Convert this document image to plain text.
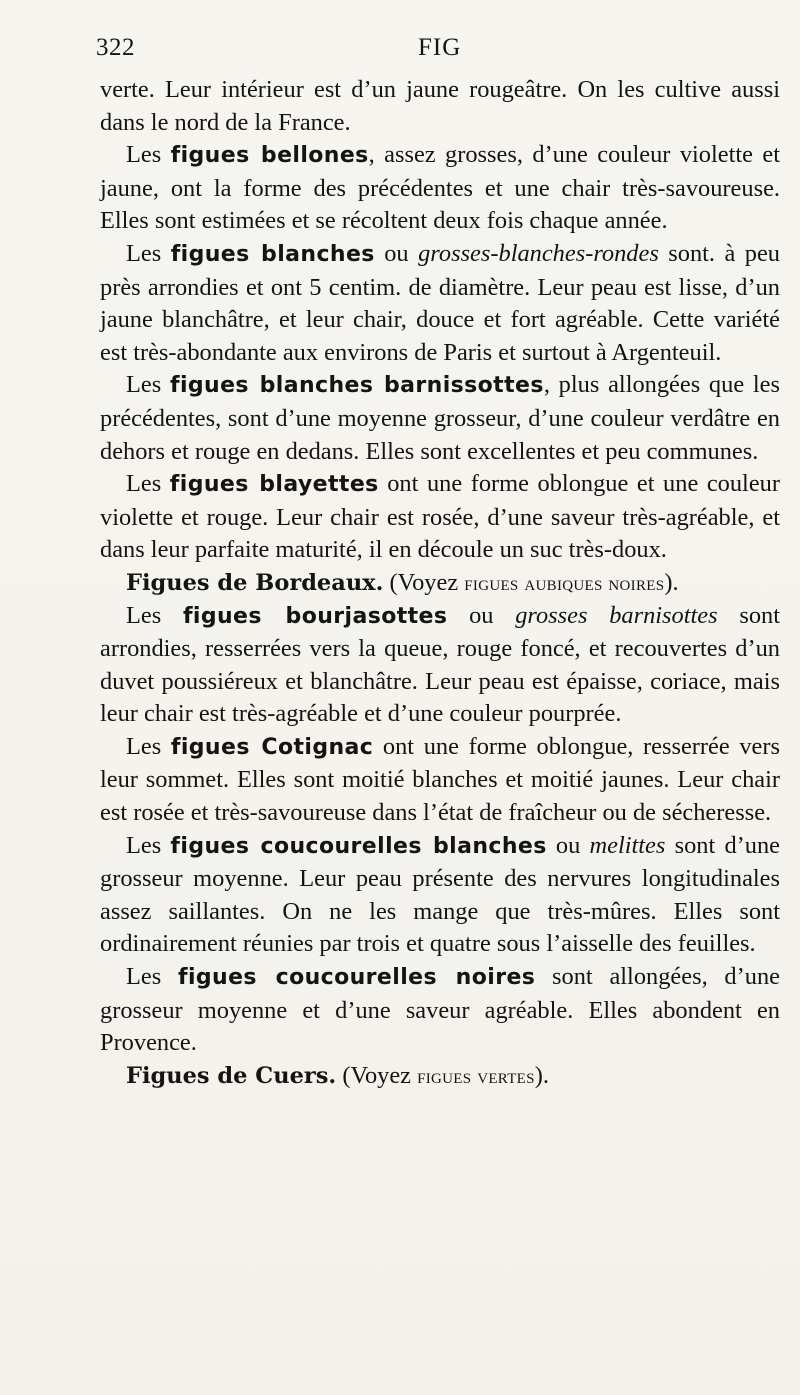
322	FIG

verte. Leur intérieur est d’un jaune rougeâtre. On les cultive aussi dans le nord de la France.

Les figues bellones, assez grosses, d’une couleur violette et jaune, ont la forme des précédentes et une chair très-savoureuse. Elles sont estimées et se récoltent deux fois chaque année.

Les figues blanches ou grosses-blanches-rondes sont. à peu près arrondies et ont 5 centim. de diamètre. Leur peau est lisse, d’un jaune blanchâtre, et leur chair, douce et fort agréable. Cette variété est très-abondante aux environs de Paris et surtout à Argenteuil.

Les figues blanches barnissottes, plus allongées que les précédentes, sont d’une moyenne grosseur, d’une couleur verdâtre en dehors et rouge en dedans. Elles sont excellentes et peu communes.

Les figues blayettes ont une forme oblongue et une couleur violette et rouge. Leur chair est rosée, d’une saveur très-agréable, et dans leur parfaite maturité, il en découle un suc très-doux.

Figues de Bordeaux. (Voyez figues aubiques noires).

Les figues bourjasottes ou grosses barnisottes sont arrondies, resserrées vers la queue, rouge foncé, et recouvertes d’un duvet poussiéreux et blanchâtre. Leur peau est épaisse, coriace, mais leur chair est très-agréable et d’une couleur pourprée.

Les figues Cotignac ont une forme oblongue, resserrée vers leur sommet. Elles sont moitié blanches et moitié jaunes. Leur chair est rosée et très-savoureuse dans l’état de fraîcheur ou de sécheresse.

Les figues coucourelles blanches ou melittes sont d’une grosseur moyenne. Leur peau présente des nervures longitudinales assez saillantes. On ne les mange que très-mûres. Elles sont ordinairement réunies par trois et quatre sous l’aisselle des feuilles.

Les figues coucourelles noires sont allongées, d’une grosseur moyenne et d’une saveur agréable. Elles abondent en Provence.

Figues de Cuers. (Voyez figues vertes).
